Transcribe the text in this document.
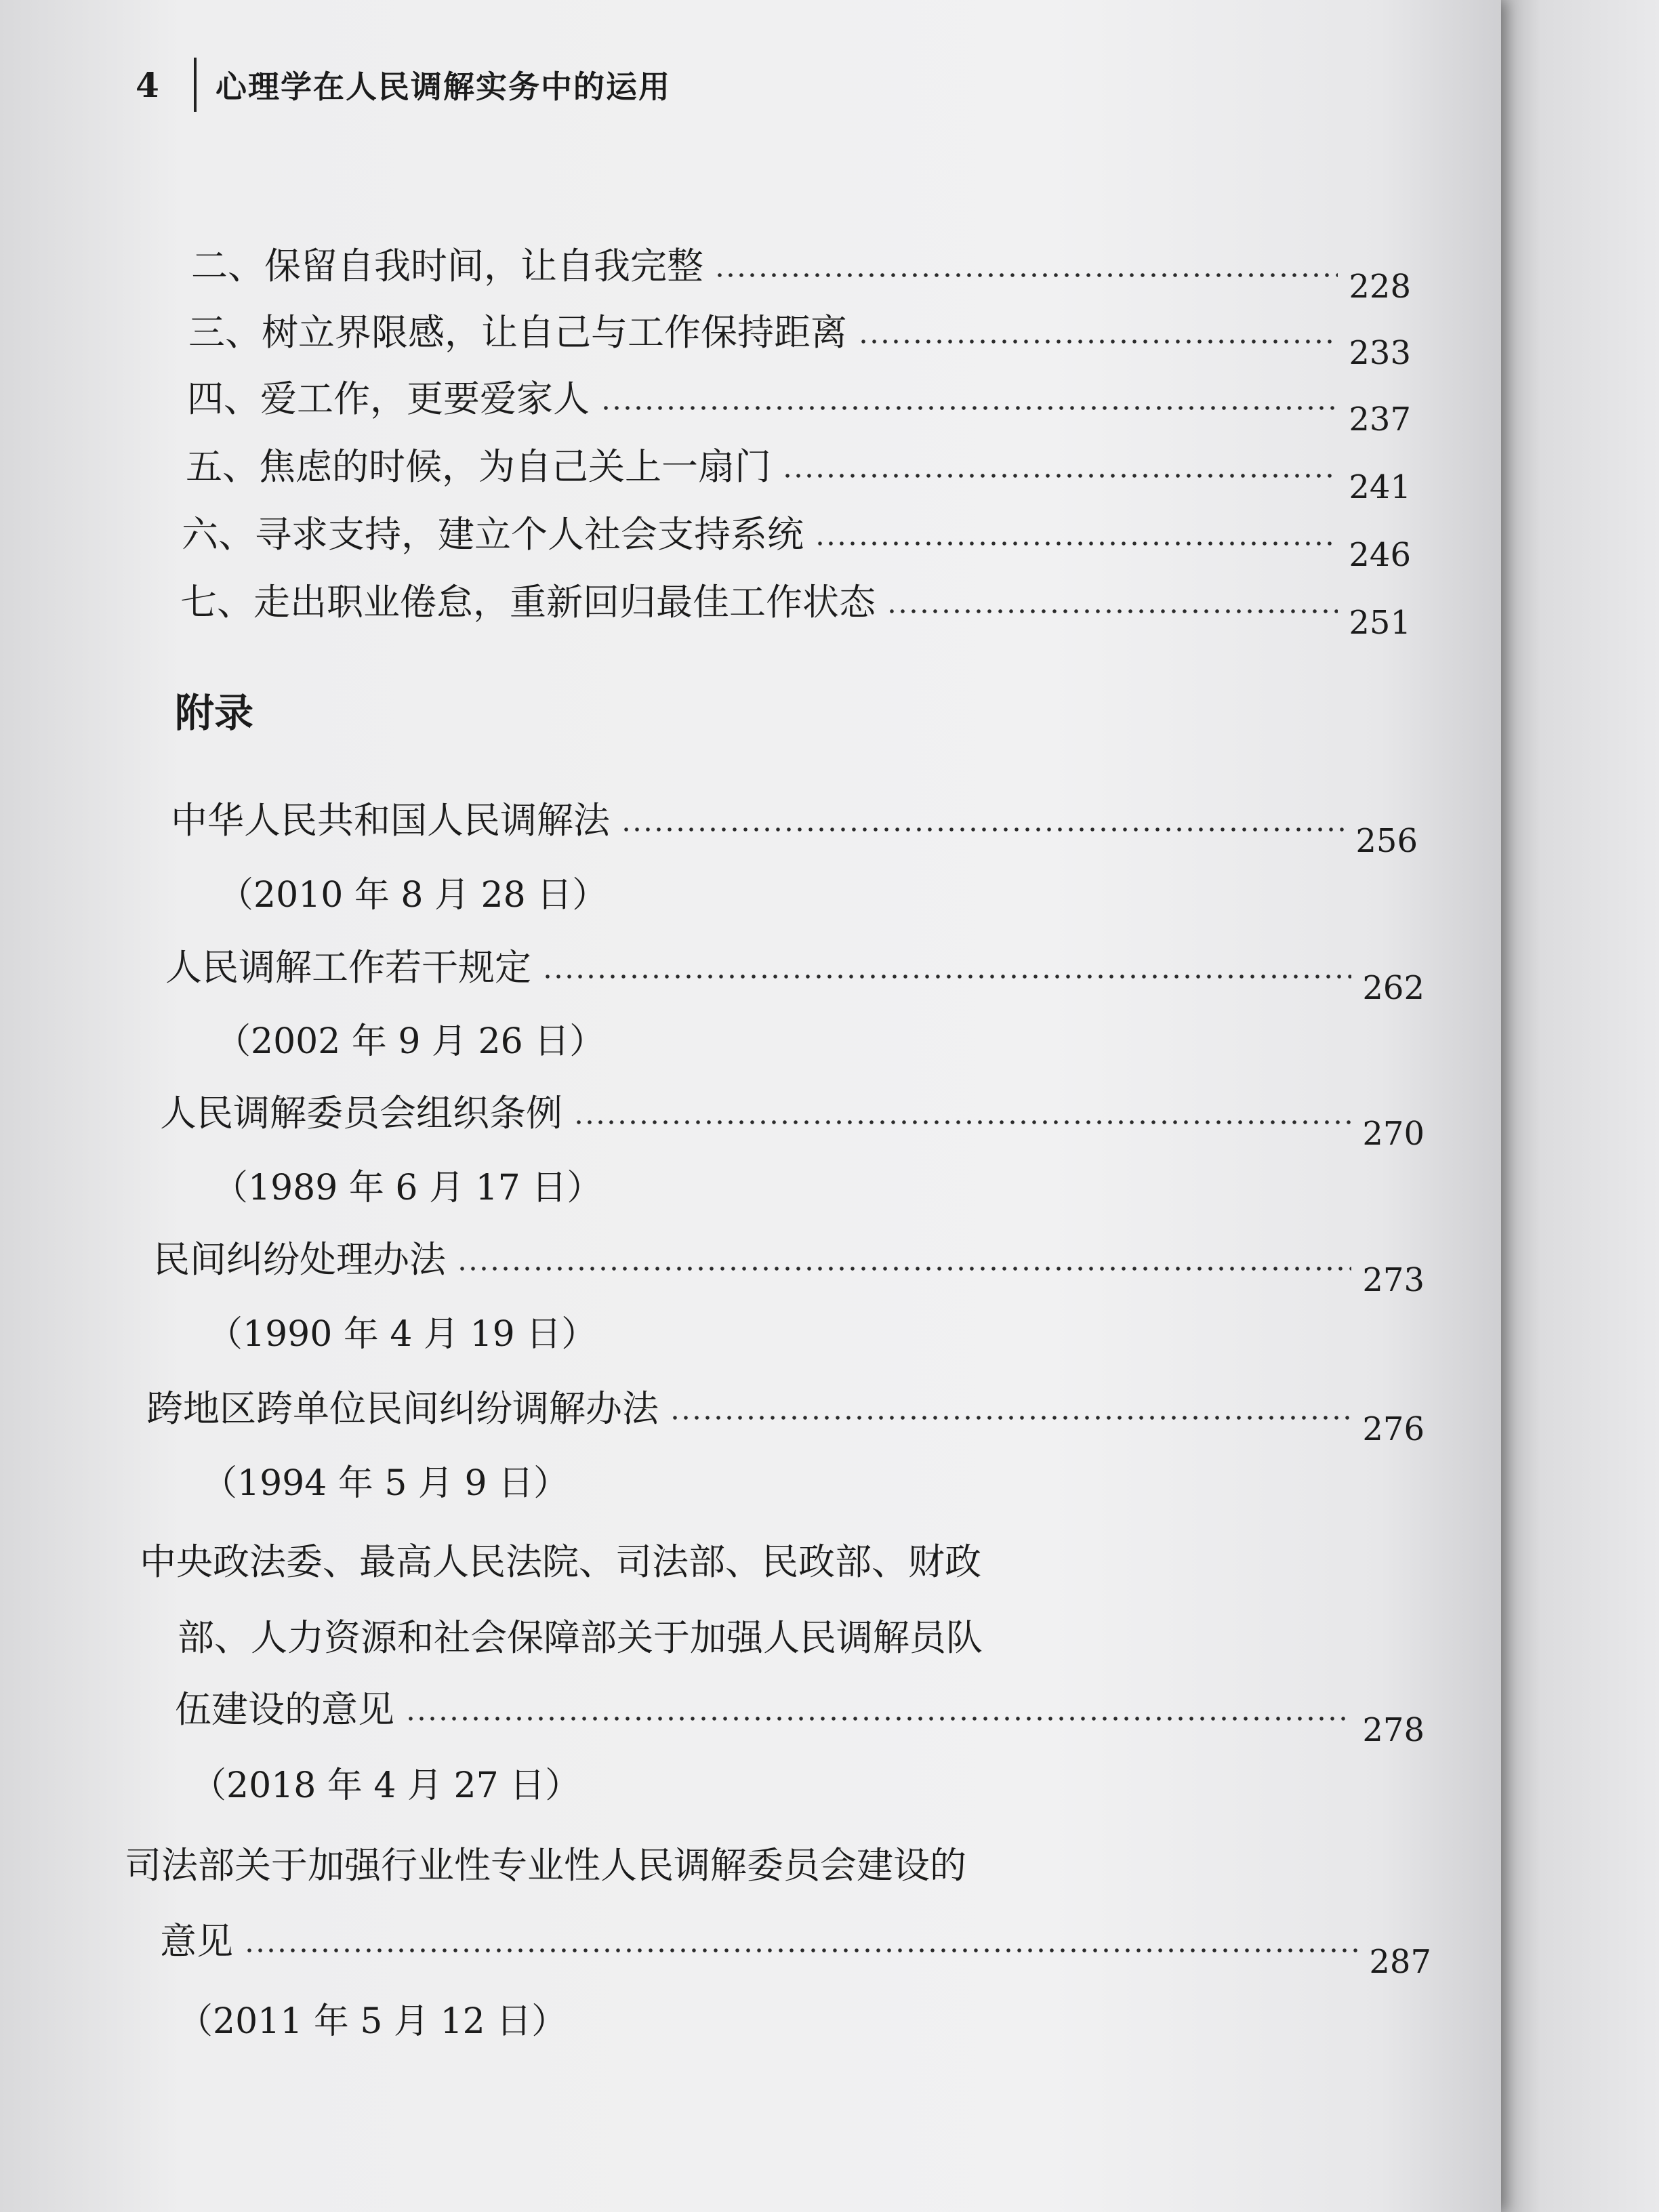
4	心理学在人民调解实务中的运用
二、保留自我时间，让自我完整	228
三、树立界限感，让自己与工作保持距离	233
四、爱工作，更要爱家人	237
五、焦虑的时候，为自己关上一扇门	241
六、寻求支持，建立个人社会支持系统	246
七、走出职业倦怠，重新回归最佳工作状态	251
附录
中华人民共和国人民调解法	256
（2010 年 8 月 28 日）
人民调解工作若干规定	262
（2002 年 9 月 26 日）
人民调解委员会组织条例	270
（1989 年 6 月 17 日）
民间纠纷处理办法	273
（1990 年 4 月 19 日）
跨地区跨单位民间纠纷调解办法	276
（1994 年 5 月 9 日）
中央政法委、最高人民法院、司法部、民政部、财政
部、人力资源和社会保障部关于加强人民调解员队
伍建设的意见	278
（2018 年 4 月 27 日）
司法部关于加强行业性专业性人民调解委员会建设的
意见	287
（2011 年 5 月 12 日）
